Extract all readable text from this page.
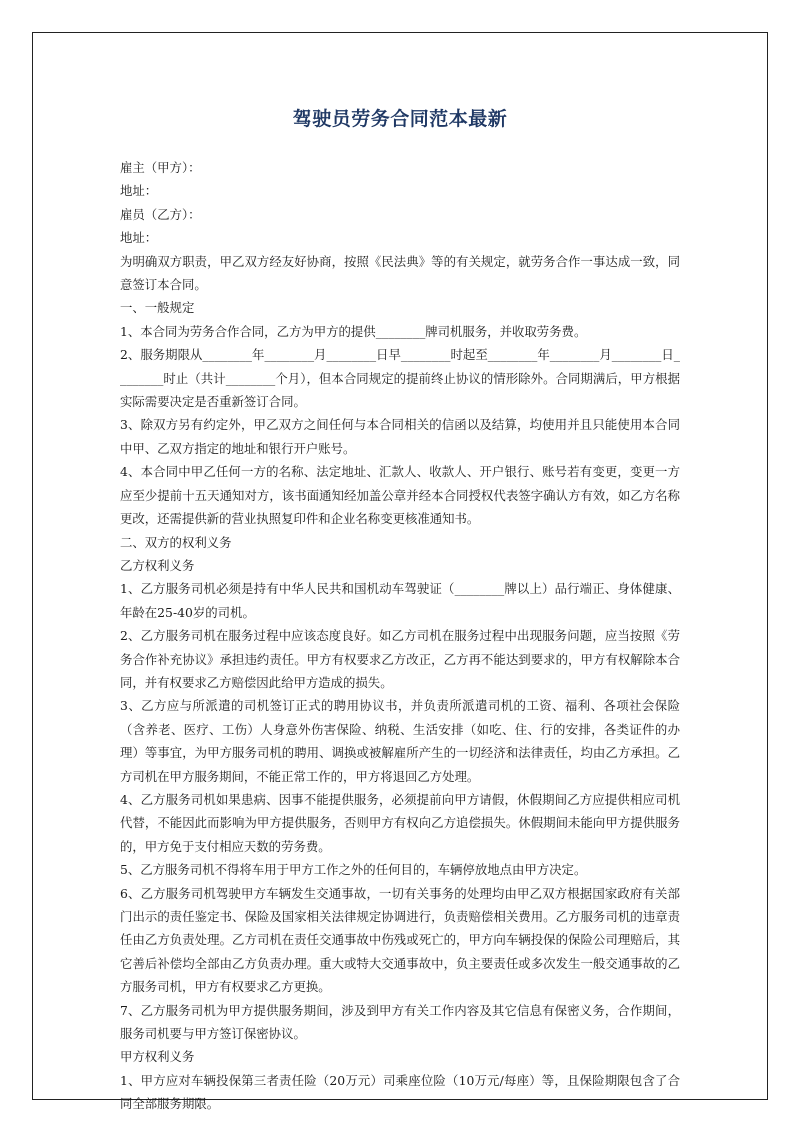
驾驶员劳务合同范本最新

雇主（甲方）：

地址：

雇员（乙方）：

地址：

为明确双方职责，甲乙双方经友好协商，按照《民法典》等的有关规定，就劳务合作一事达成一致，同意签订本合同。

一、一般规定

1、本合同为劳务合作合同，乙方为甲方的提供________牌司机服务，并收取劳务费。

2、服务期限从________年________月________日早________时起至________年________月________日________时止（共计________个月），但本合同规定的提前终止协议的情形除外。合同期满后，甲方根据实际需要决定是否重新签订合同。

3、除双方另有约定外，甲乙双方之间任何与本合同相关的信函以及结算，均使用并且只能使用本合同中甲、乙双方指定的地址和银行开户账号。

4、本合同中甲乙任何一方的名称、法定地址、汇款人、收款人、开户银行、账号若有变更，变更一方应至少提前十五天通知对方，该书面通知经加盖公章并经本合同授权代表签字确认方有效，如乙方名称更改，还需提供新的营业执照复印件和企业名称变更核准通知书。

二、双方的权利义务

乙方权利义务

1、乙方服务司机必须是持有中华人民共和国机动车驾驶证（________牌以上）品行端正、身体健康、年龄在25-40岁的司机。

2、乙方服务司机在服务过程中应该态度良好。如乙方司机在服务过程中出现服务问题，应当按照《劳务合作补充协议》承担违约责任。甲方有权要求乙方改正，乙方再不能达到要求的，甲方有权解除本合同，并有权要求乙方赔偿因此给甲方造成的损失。

3、乙方应与所派遣的司机签订正式的聘用协议书，并负责所派遣司机的工资、福利、各项社会保险（含养老、医疗、工伤）人身意外伤害保险、纳税、生活安排（如吃、住、行的安排，各类证件的办理）等事宜，为甲方服务司机的聘用、调换或被解雇所产生的一切经济和法律责任，均由乙方承担。乙方司机在甲方服务期间，不能正常工作的，甲方将退回乙方处理。

4、乙方服务司机如果患病、因事不能提供服务，必须提前向甲方请假，休假期间乙方应提供相应司机代替，不能因此而影响为甲方提供服务，否则甲方有权向乙方追偿损失。休假期间未能向甲方提供服务的，甲方免于支付相应天数的劳务费。

5、乙方服务司机不得将车用于甲方工作之外的任何目的，车辆停放地点由甲方决定。

6、乙方服务司机驾驶甲方车辆发生交通事故，一切有关事务的处理均由甲乙双方根据国家政府有关部门出示的责任鉴定书、保险及国家相关法律规定协调进行，负责赔偿相关费用。乙方服务司机的违章责任由乙方负责处理。乙方司机在责任交通事故中伤残或死亡的，甲方向车辆投保的保险公司理赔后，其它善后补偿均全部由乙方负责办理。重大或特大交通事故中，负主要责任或多次发生一般交通事故的乙方服务司机，甲方有权要求乙方更换。

7、乙方服务司机为甲方提供服务期间，涉及到甲方有关工作内容及其它信息有保密义务，合作期间，服务司机要与甲方签订保密协议。

甲方权利义务

1、甲方应对车辆投保第三者责任险（20万元）司乘座位险（10万元/每座）等，且保险期限包含了合同全部服务期限。
